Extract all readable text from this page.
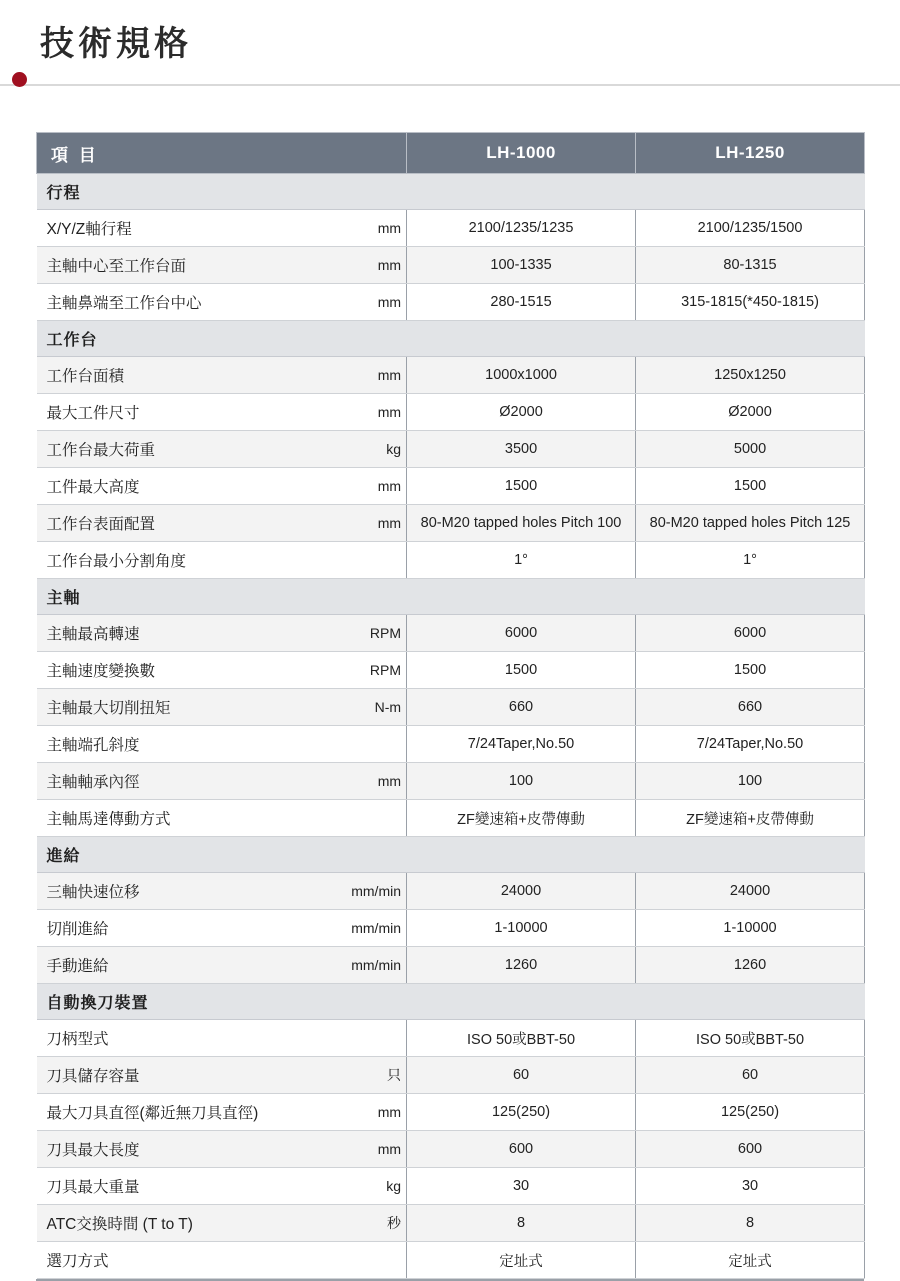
技術規格
項 目		LH-1000	LH-1250
行程			
X/Y/Z軸行程	mm	2100/1235/1235	2100/1235/1500
主軸中心至工作台面	mm	100-1335	80-1315
主軸鼻端至工作台中心	mm	280-1515	315-1815(*450-1815)
工作台			
工作台面積	mm	1000x1000	1250x1250
最大工件尺寸	mm	Ø2000	Ø2000
工作台最大荷重	kg	3500	5000
工件最大高度	mm	1500	1500
工作台表面配置	mm	80-M20 tapped holes Pitch 100	80-M20 tapped holes Pitch 125
工作台最小分割角度		1°	1°
主軸			
主軸最高轉速	RPM	6000	6000
主軸速度變換數	RPM	1500	1500
主軸最大切削扭矩	N-m	660	660
主軸端孔斜度		7/24Taper,No.50	7/24Taper,No.50
主軸軸承內徑	mm	100	100
主軸馬達傳動方式		ZF變速箱+皮帶傳動	ZF變速箱+皮帶傳動
進給			
三軸快速位移	mm/min	24000	24000
切削進給	mm/min	1-10000	1-10000
手動進給	mm/min	1260	1260
自動換刀裝置			
刀柄型式		ISO 50或BBT-50	ISO 50或BBT-50
刀具儲存容量	只	60	60
最大刀具直徑(鄰近無刀具直徑)	mm	125(250)	125(250)
刀具最大長度	mm	600	600
刀具最大重量	kg	30	30
ATC交換時間 (T to T)	秒	8	8
選刀方式		定址式	定址式
